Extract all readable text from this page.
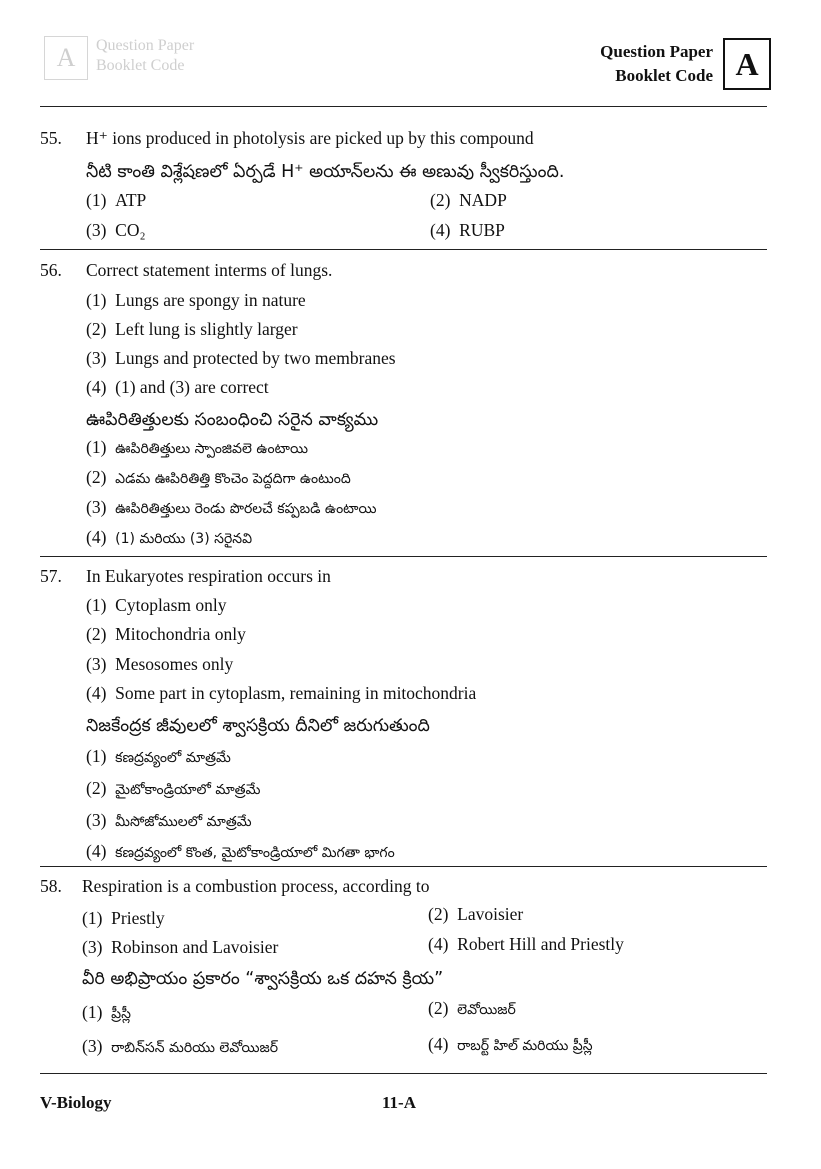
A	Question Paper
Booklet Code
Question Paper
Booklet Code A
55. H⁺ ions produced in photolysis are picked up by this compound
నీటి కాంతి విశ్లేషణలో ఏర్పడే H⁺ అయాన్‌లను ఈ అణువు స్వీకరిస్తుంది.
(1) ATP	(2) NADP
(3) CO₂	(4) RUBP
56. Correct statement interms of lungs.
(1) Lungs are spongy in nature
(2) Left lung is slightly larger
(3) Lungs and protected by two membranes
(4) (1) and (3) are correct
ఊపిరితిత్తులకు సంబంధించి సరైన వాక్యము
(1) ఊపిరితిత్తులు స్పాంజివలె ఉంటాయి
(2) ఎడమ ఊపిరితిత్తి కొంచెం పెద్దదిగా ఉంటుంది
(3) ఊపిరితిత్తులు రెండు పొరలచే కప్పబడి ఉంటాయి
(4) (1) మరియు (3) సరైనవి
57. In Eukaryotes respiration occurs in
(1) Cytoplasm only
(2) Mitochondria only
(3) Mesosomes only
(4) Some part in cytoplasm, remaining in mitochondria
నిజకేంద్రక జీవులలో శ్వాసక్రియ దీనిలో జరుగుతుంది
(1) కణద్రవ్యంలో మాత్రమే
(2) మైటోకాండ్రియాలో మాత్రమే
(3) మీసోజోములలో మాత్రమే
(4) కణద్రవ్యంలో కొంత, మైటోకాండ్రియాలో మిగతా భాగం
58. Respiration is a combustion process, according to
(1) Priestly	(2) Lavoisier
(3) Robinson and Lavoisier	(4) Robert Hill and Priestly
వీరి అభిప్రాయం ప్రకారం “శ్వాసక్రియ ఒక దహన క్రియ”
(1) ప్రీస్లీ	(2) లెవోయిజర్
(3) రాబిన్‌సన్ మరియు లెవోయిజర్	(4) రాబర్ట్ హిల్ మరియు ప్రీస్లీ
V-Biology	11-A
